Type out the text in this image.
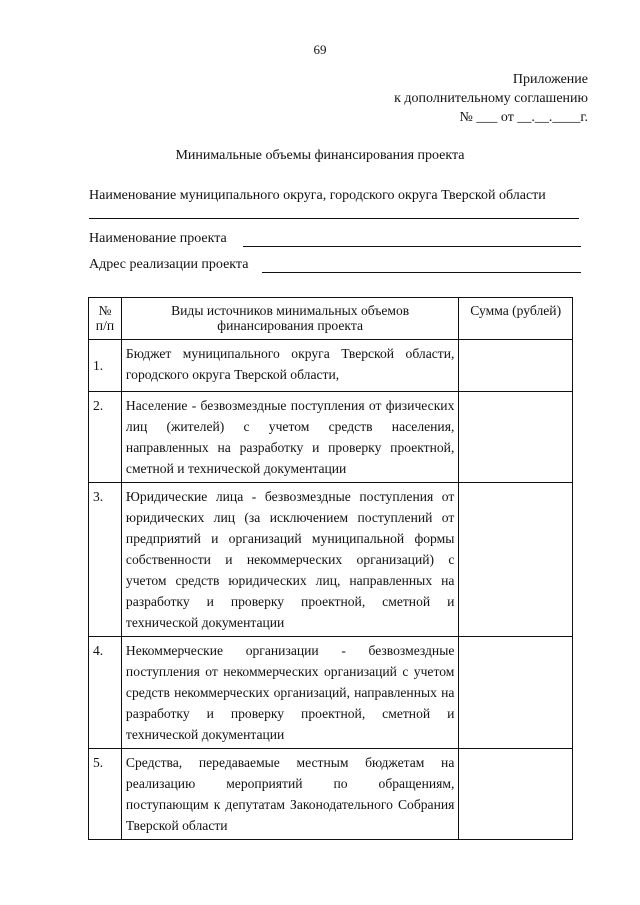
69
Приложение
к дополнительному соглашению
№ ___ от __.__.____г.
Минимальные объемы финансирования проекта
Наименование муниципального округа, городского округа Тверской области
Наименование проекта
Адрес реализации проекта
№ п/п	Виды источников минимальных объемов финансирования проекта	Сумма (рублей)
1.	Бюджет муниципального округа Тверской области, городского округа Тверской области,	
2.	Население - безвозмездные поступления от физических лиц (жителей) с учетом средств населения, направленных на разработку и проверку проектной, сметной и технической документации	
3.	Юридические лица - безвозмездные поступления от юридических лиц (за исключением поступлений от предприятий и организаций муниципальной формы собственности и некоммерческих организаций) с учетом средств юридических лиц, направленных на разработку и проверку проектной, сметной и технической документации	
4.	Некоммерческие организации - безвозмездные поступления от некоммерческих организаций с учетом средств некоммерческих организаций, направленных на разработку и проверку проектной, сметной и технической документации	
5.	Средства, передаваемые местным бюджетам на реализацию мероприятий по обращениям, поступающим к депутатам Законодательного Собрания Тверской области	
